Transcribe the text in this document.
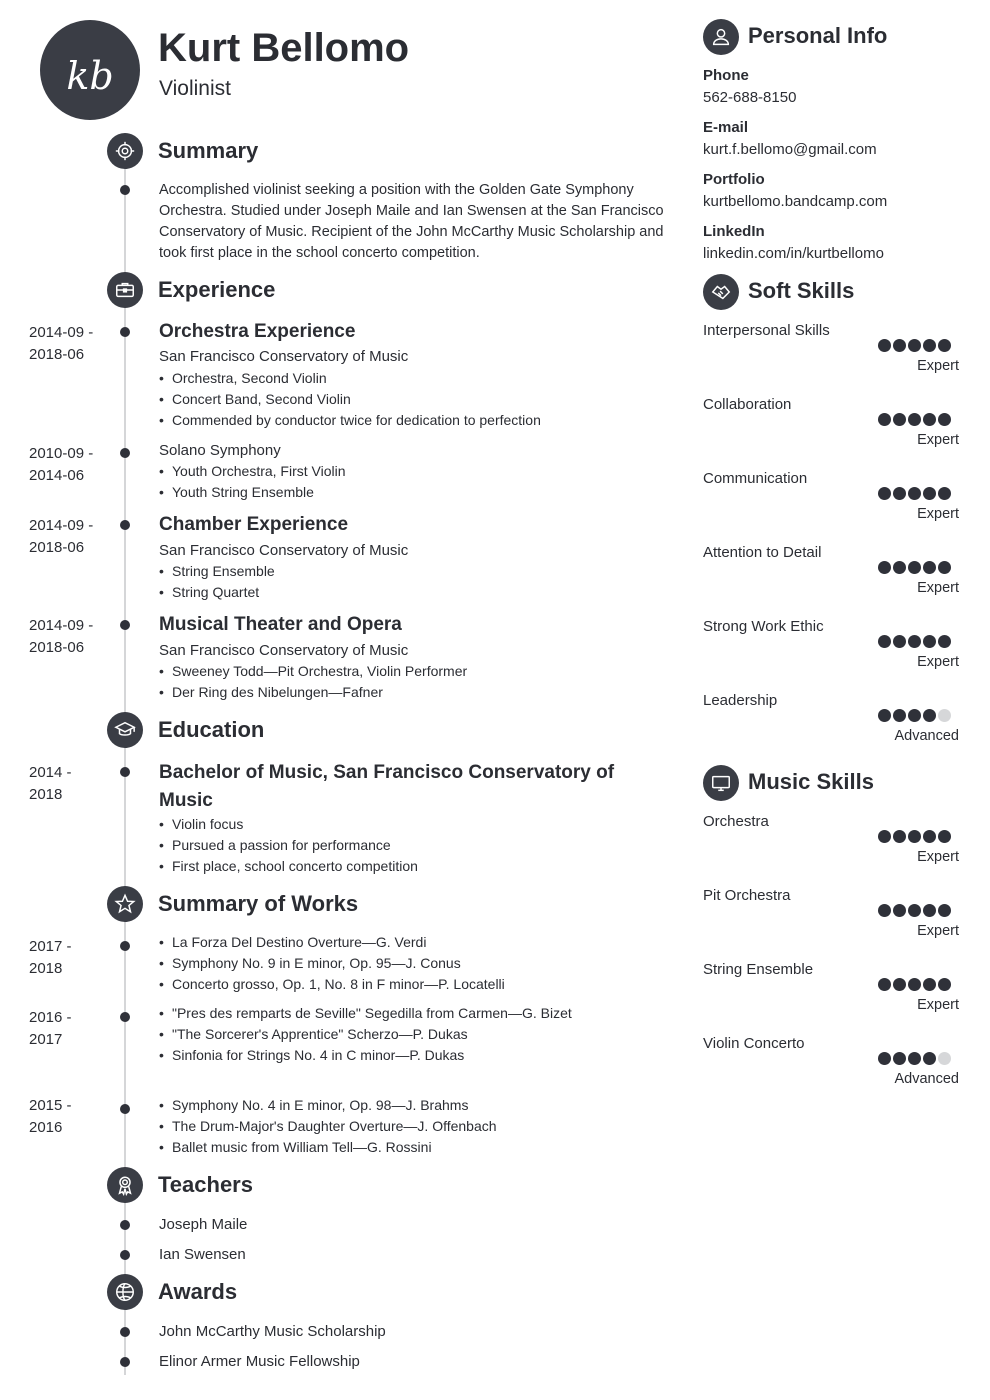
kb
Kurt Bellomo
Violinist
Summary
Accomplished violinist seeking a position with the Golden Gate Symphony
Orchestra. Studied under Joseph Maile and Ian Swensen at the San Francisco
Conservatory of Music. Recipient of the John McCarthy Music Scholarship and
took first place in the school concerto competition.
Experience
2014-09 -
2018-06
Orchestra Experience
San Francisco Conservatory of Music
• Orchestra, Second Violin
• Concert Band, Second Violin
• Commended by conductor twice for dedication to perfection
2010-09 -
2014-06
Solano Symphony
• Youth Orchestra, First Violin
• Youth String Ensemble
2014-09 -
2018-06
Chamber Experience
San Francisco Conservatory of Music
• String Ensemble
• String Quartet
2014-09 -
2018-06
Musical Theater and Opera
San Francisco Conservatory of Music
• Sweeney Todd—Pit Orchestra, Violin Performer
• Der Ring des Nibelungen—Fafner
Education
2014 -
2018
Bachelor of Music, San Francisco Conservatory of
Music
• Violin focus
• Pursued a passion for performance
• First place, school concerto competition
Summary of Works
2017 -
2018
• La Forza Del Destino Overture—G. Verdi
• Symphony No. 9 in E minor, Op. 95—J. Conus
• Concerto grosso, Op. 1, No. 8 in F minor—P. Locatelli
2016 -
2017
• "Pres des remparts de Seville" Segedilla from Carmen—G. Bizet
• "The Sorcerer's Apprentice" Scherzo—P. Dukas
• Sinfonia for Strings No. 4 in C minor—P. Dukas
2015 -
2016
• Symphony No. 4 in E minor, Op. 98—J. Brahms
• The Drum-Major's Daughter Overture—J. Offenbach
• Ballet music from William Tell—G. Rossini
Teachers
Joseph Maile
Ian Swensen
Awards
John McCarthy Music Scholarship
Elinor Armer Music Fellowship
Personal Info
Phone
562-688-8150
E-mail
kurt.f.bellomo@gmail.com
Portfolio
kurtbellomo.bandcamp.com
LinkedIn
linkedin.com/in/kurtbellomo
Soft Skills
Interpersonal Skills
Expert
Collaboration
Expert
Communication
Expert
Attention to Detail
Expert
Strong Work Ethic
Expert
Leadership
Advanced
Music Skills
Orchestra
Expert
Pit Orchestra
Expert
String Ensemble
Expert
Violin Concerto
Advanced
